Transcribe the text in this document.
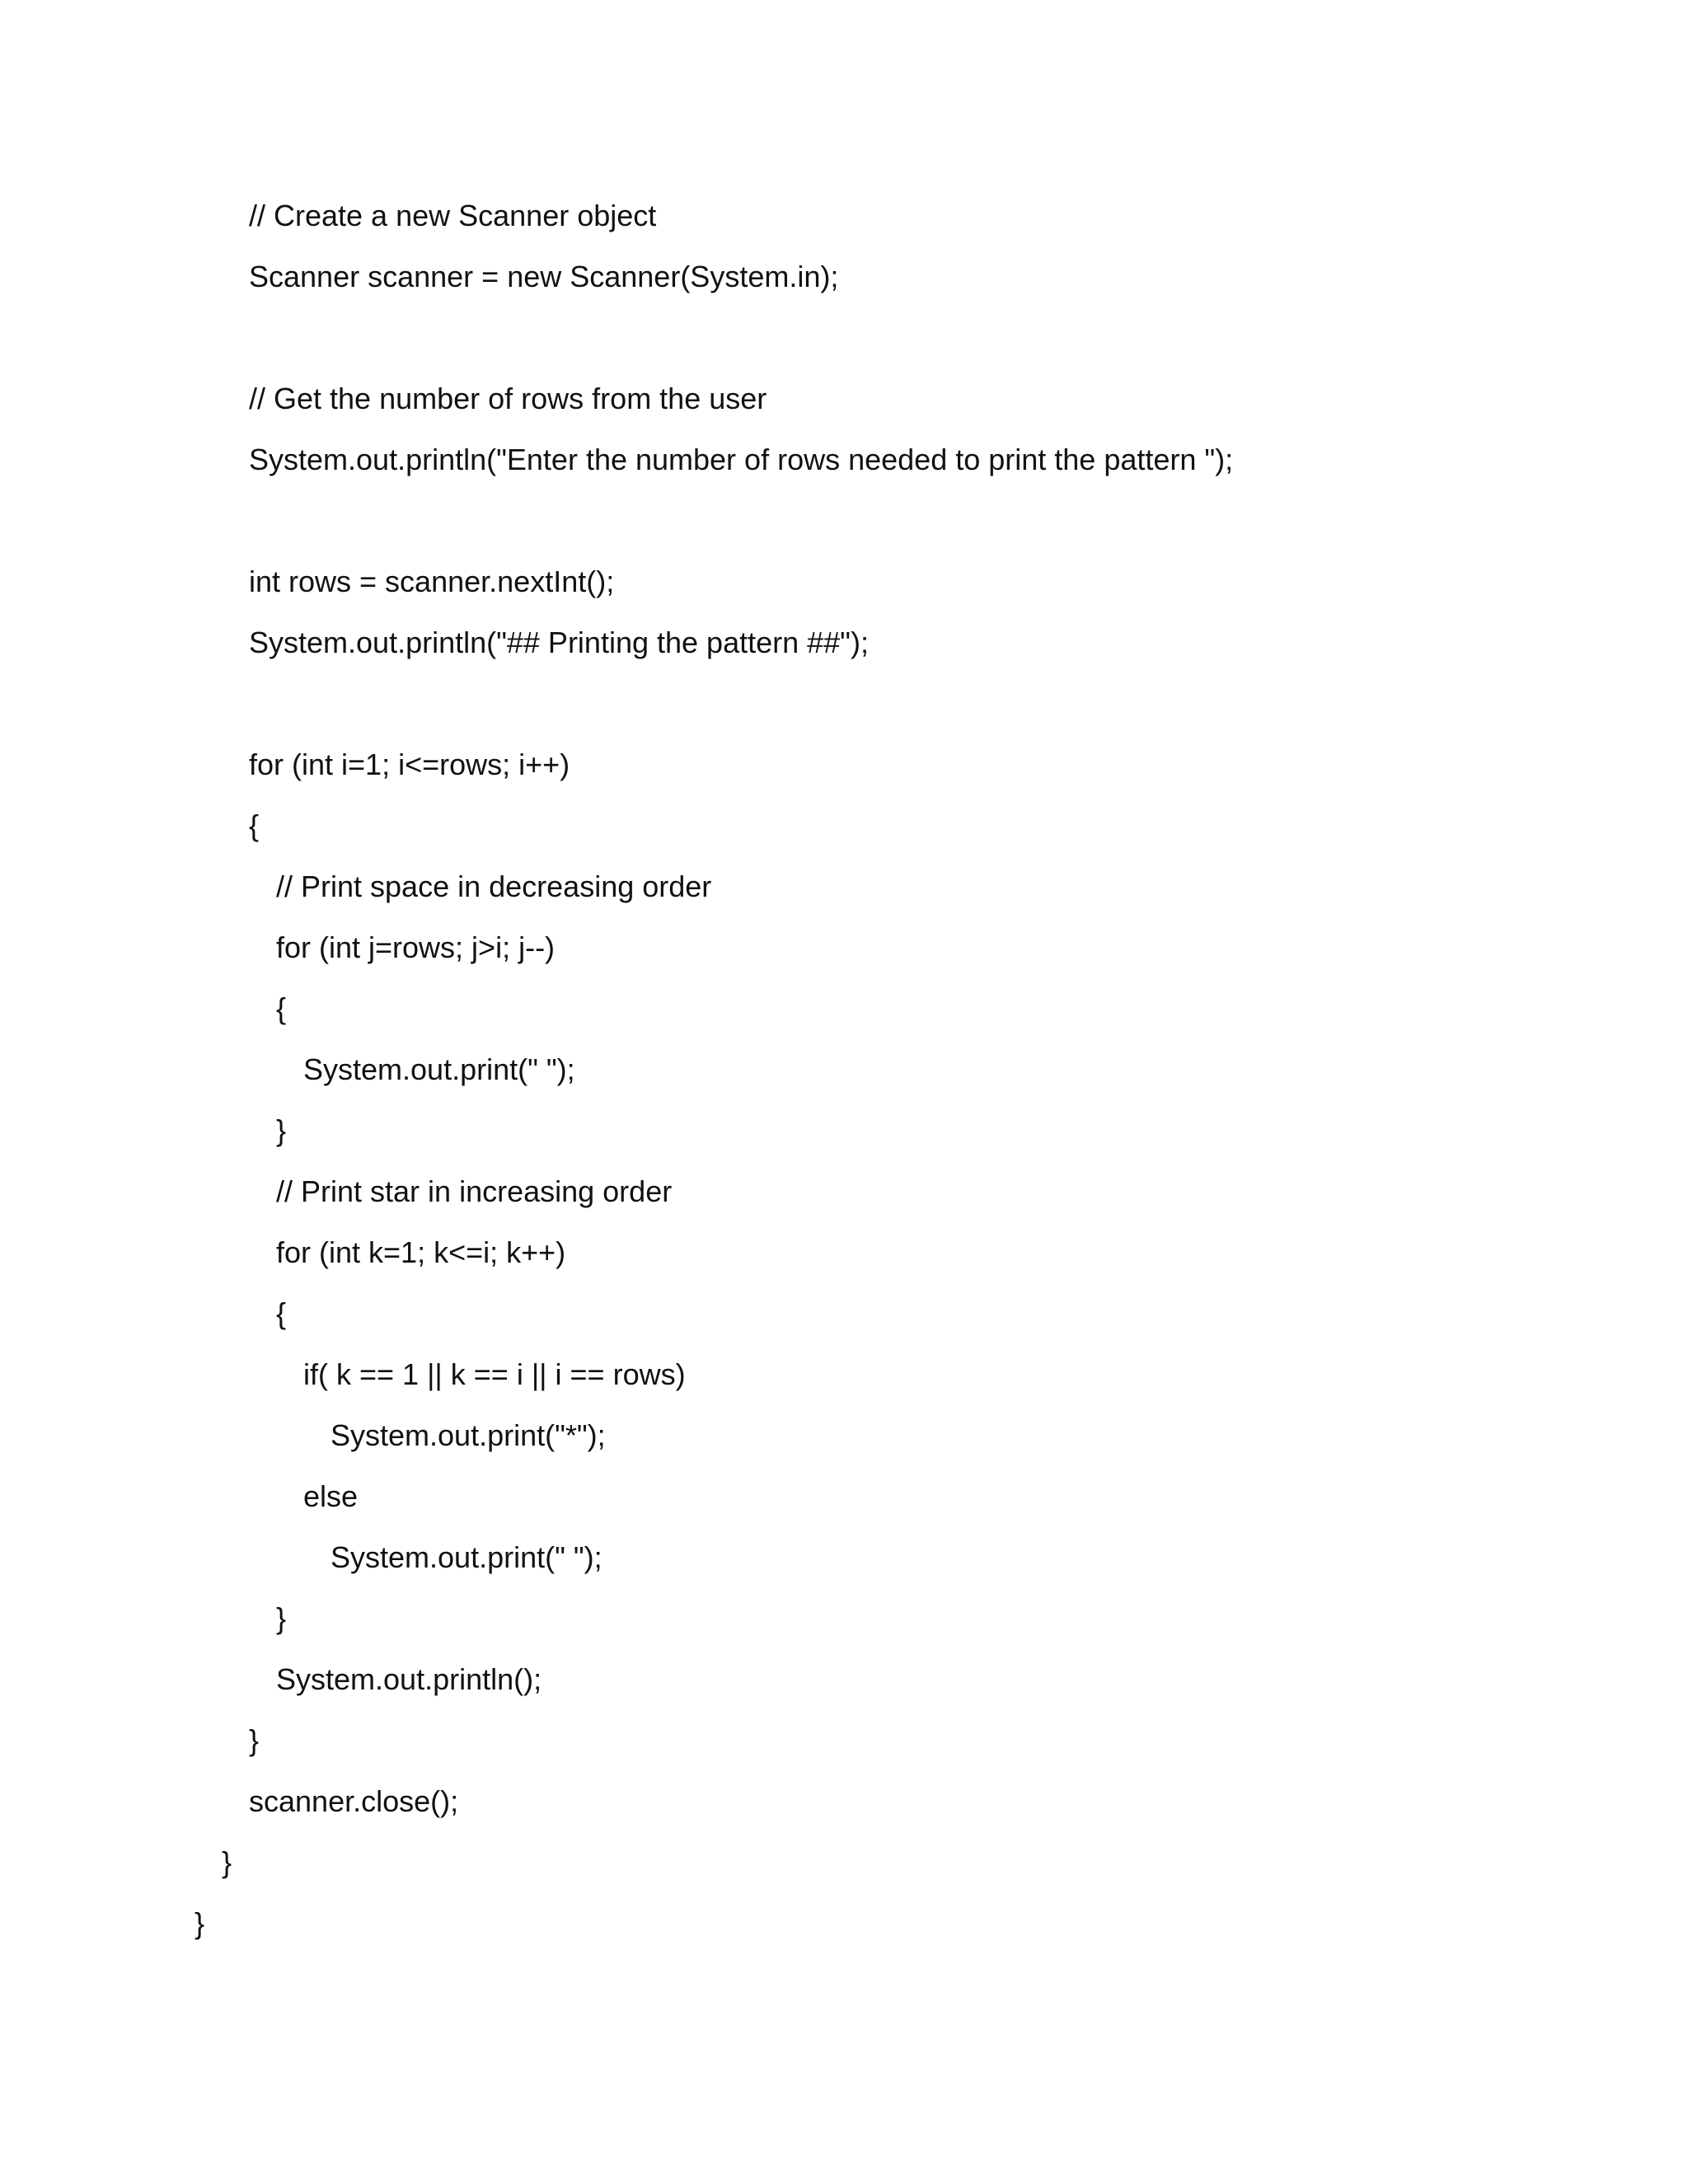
// Create a new Scanner object
Scanner scanner = new Scanner(System.in);
// Get the number of rows from the user
System.out.println("Enter the number of rows needed to print the pattern ");
int rows = scanner.nextInt();
System.out.println("## Printing the pattern ##");
for (int i=1; i<=rows; i++)
{
// Print space in decreasing order
for (int j=rows; j>i; j--)
{
System.out.print(" ");
}
// Print star in increasing order
for (int k=1; k<=i; k++)
{
if( k == 1 || k == i || i == rows)
System.out.print("*");
else
System.out.print(" ");
}
System.out.println();
}
scanner.close();
}
}
